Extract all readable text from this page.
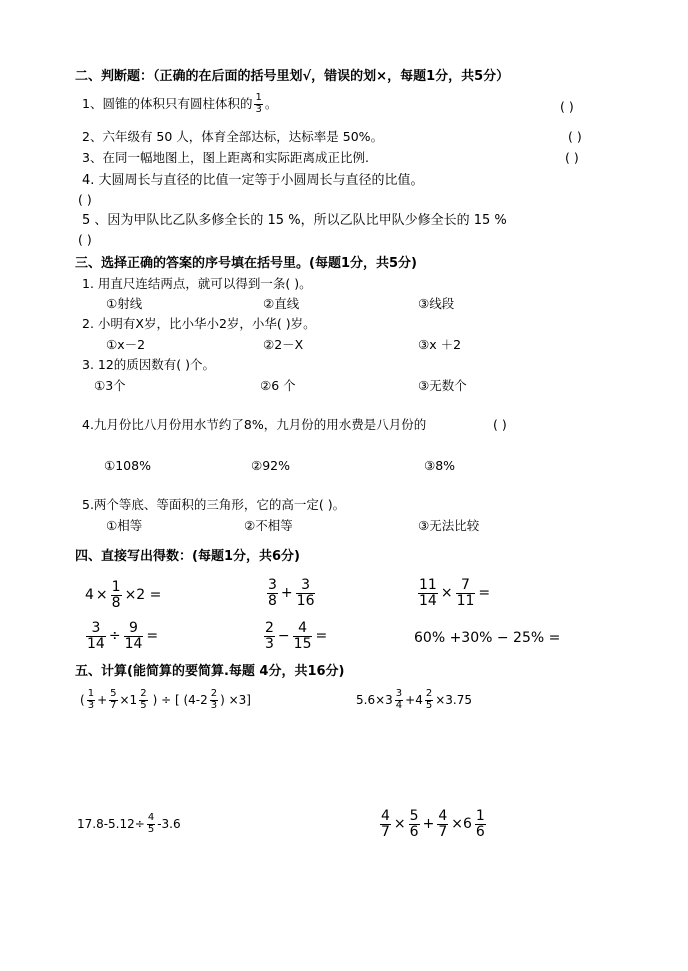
二、判断题：（正确的在后面的括号里划√，错误的划×，每题1分，共5分）
1、圆锥的体积只有圆柱体积的 $\frac{1}{3}$ 。	( )
2、六年级有 50 人，体育全部达标，达标率是 50%。	( )
3、在同一幅地图上，图上距离和实际距离成正比例.	( )
4. 大圆周长与直径的比值一定等于小圆周长与直径的比值。
( )
5 、因为甲队比乙队多修全长的 15 %，所以乙队比甲队少修全长的 15 %
( )
三、选择正确的答案的序号填在括号里。(每题1分，共5分)
1. 用直尺连结两点，就可以得到一条( )。
①射线	②直线	③线段
2. 小明有X岁，比小华小2岁，小华( )岁。
①x－2	②2－X	③x ＋2
3. 12的质因数有( )个。
①3个	②6 个	③无数个
4.九月份比八月份用水节约了8%，九月份的用水费是八月份的	( )
①108%	②92%	③8%
5.两个等底、等面积的三角形，它的高一定( )。
①相等	②不相等	③无法比较
四、直接写出得数：(每题1分，共6分)
$4 \times \frac{1}{8} \times 2$ =	$\frac{3}{8} + \frac{3}{16}$	$\frac{11}{14} \times \frac{7}{11}$ =
$\frac{3}{14} \div \frac{9}{14}$ =	$\frac{2}{3} - \frac{4}{15}$ =	60% +30% − 25% =
五、计算(能简算的要简算.每题 4分，共16分)
( $\frac{1}{3} + \frac{5}{7} \times 1 \frac{2}{5}$ ) ÷ [ ($4-2 \frac{2}{3}$ ) ×3]	$5.6\times 3 \frac{3}{4} +4 \frac{2}{5} \times 3.75$
$17.8-5.12\div \frac{4}{5} -3.6$	$\frac{4}{7} \times \frac{5}{6} + \frac{4}{7} \times 6 \frac{1}{6}$
